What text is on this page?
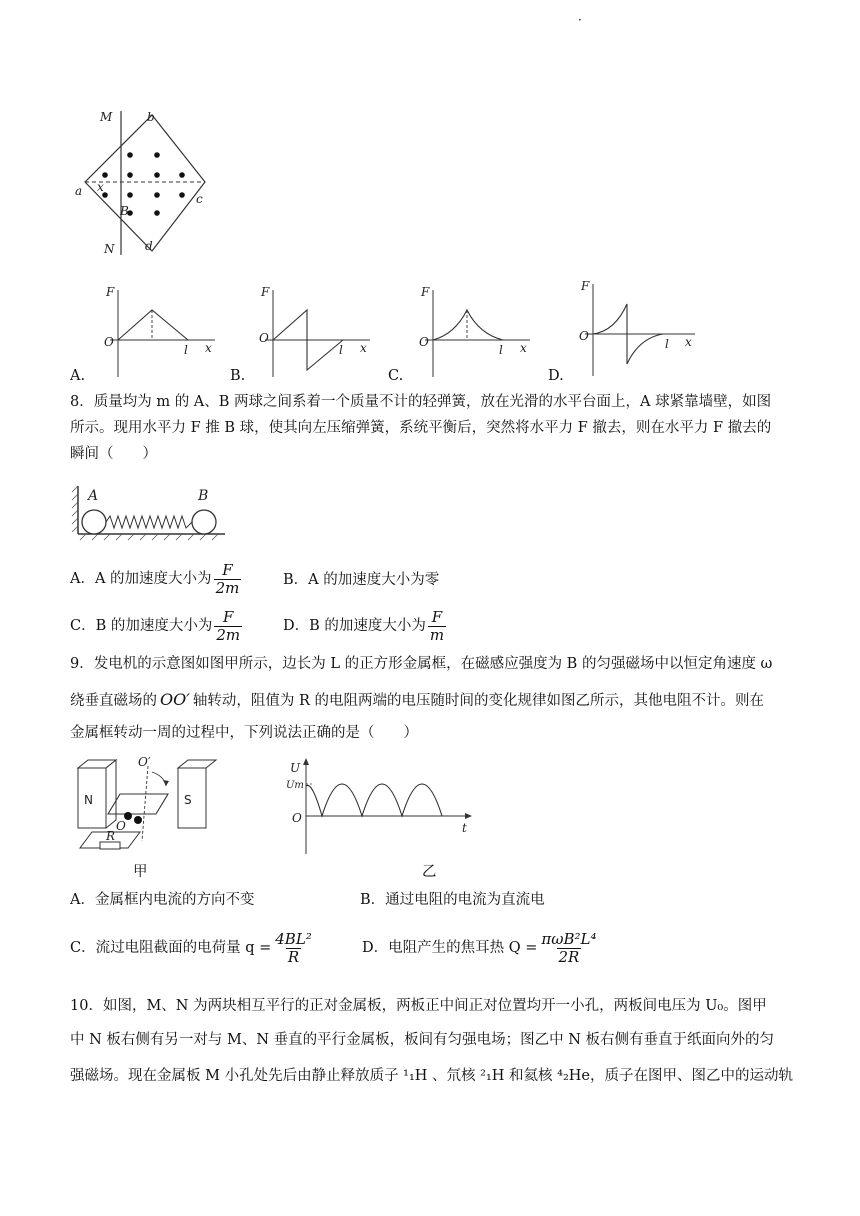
·
M	b
a x
c
B
N	d
A.
F
O
l x
B.
F
O
l x
C.
F
O
l x
D.
F
O
l x
8．质量均为 m 的 A、B 两球之间系着一个质量不计的轻弹簧，放在光滑的水平台面上，A 球紧靠墙壁，如图
所示。现用水平力 F 推 B 球，使其向左压缩弹簧，系统平衡后，突然将水平力 F 撤去，则在水平力 F 撤去的
瞬间（　　）
A	B
A．A 的加速度大小为 $\frac{F}{2m}$	B．A 的加速度大小为零
C．B 的加速度大小为 $\frac{F}{2m}$	D．B 的加速度大小为 $\frac{F}{m}$
9．发电机的示意图如图甲所示，边长为 L 的正方形金属框，在磁感应强度为 B 的匀强磁场中以恒定角速度 ω
绕垂直磁场的 OO′ 轴转动，阻值为 R 的电阻两端的电压随时间的变化规律如图乙所示，其他电阻不计。则在
金属框转动一周的过程中，下列说法正确的是（　　）
N	S
O′
O
R
甲
U
Um
O
t
乙
A．金属框内电流的方向不变	B．通过电阻的电流为直流电
C．流过电阻截面的电荷量 $q = \frac{\text{4BL²}}{R}$	D．电阻产生的焦耳热 $Q = \frac{\text{πωB²L⁴}}{2R}$
10．如图，M、N 为两块相互平行的正对金属板，两板正中间正对位置均开一小孔，两板间电压为 U₀。图甲
中 N 板右侧有另一对与 M、N 垂直的平行金属板，板间有匀强电场；图乙中 N 板右侧有垂直于纸面向外的匀
强磁场。现在金属板 M 小孔处先后由静止释放质子 ¹₁H 、氘核 ²₁H 和氦核 ⁴₂He，质子在图甲、图乙中的运动轨
